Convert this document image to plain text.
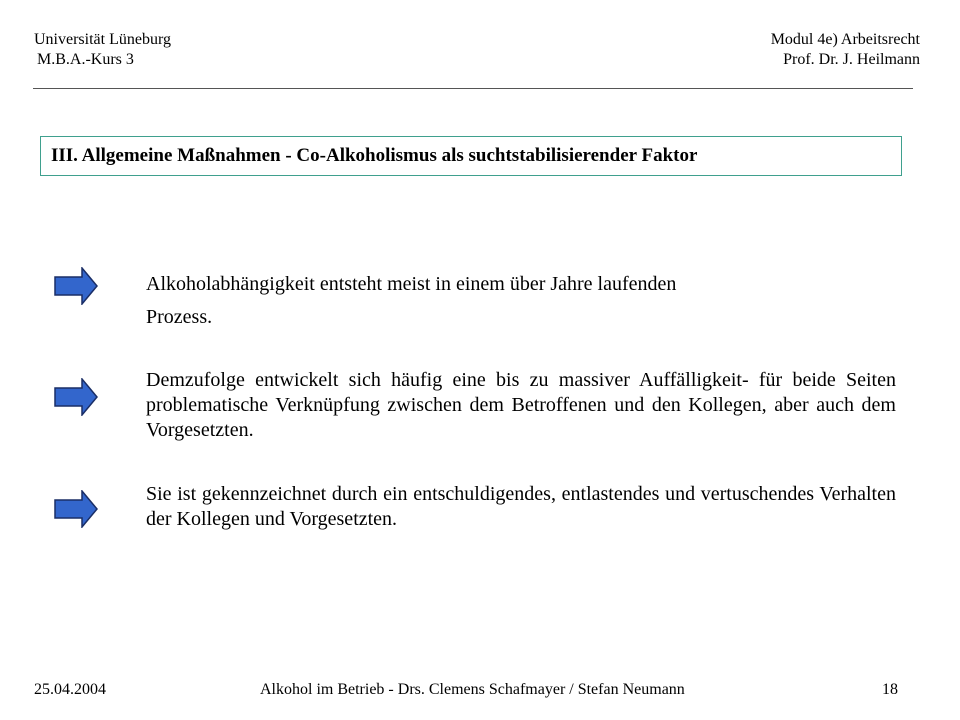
Universität Lüneburg
M.B.A.-Kurs 3
Modul 4e) Arbeitsrecht
Prof. Dr. J. Heilmann
III. Allgemeine Maßnahmen - Co-Alkoholismus als suchtstabilisierender Faktor
Alkoholabhängigkeit entsteht meist in einem über Jahre laufenden
Prozess.

Demzufolge entwickelt sich häufig eine bis zu massiver Auffälligkeit- für beide Seiten problematische Verknüpfung zwischen dem Betroffenen und den Kollegen, aber auch dem Vorgesetzten.

Sie ist gekennzeichnet durch ein entschuldigendes, entlastendes und vertuschendes Verhalten der Kollegen und Vorgesetzten.

25.04.2004	Alkohol im Betrieb - Drs. Clemens Schafmayer / Stefan Neumann	18
